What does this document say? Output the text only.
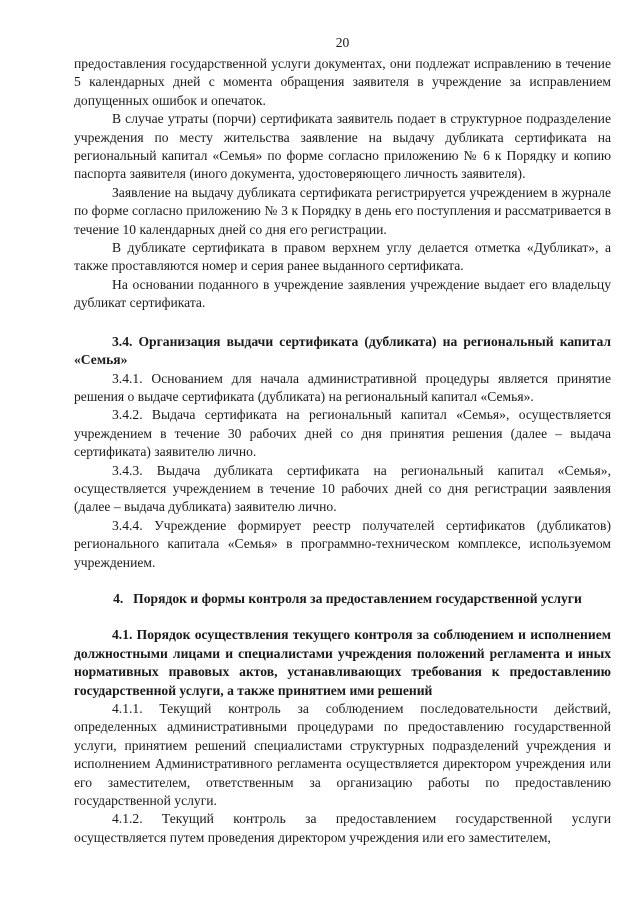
20

предоставления государственной услуги документах, они подлежат исправлению в течение 5 календарных дней с момента обращения заявителя в учреждение за исправлением допущенных ошибок и опечаток.

В случае утраты (порчи) сертификата заявитель подает в структурное подразделение учреждения по месту жительства заявление на выдачу дубликата сертификата на региональный капитал «Семья» по форме согласно приложению № 6 к Порядку и копию паспорта заявителя (иного документа, удостоверяющего личность заявителя).

Заявление на выдачу дубликата сертификата регистрируется учреждением в журнале по форме согласно приложению № 3 к Порядку в день его поступления и рассматривается в течение 10 календарных дней со дня его регистрации.

В дубликате сертификата в правом верхнем углу делается отметка «Дубликат», а также проставляются номер и серия ранее выданного сертификата.

На основании поданного в учреждение заявления учреждение выдает его владельцу дубликат сертификата.

3.4. Организация выдачи сертификата (дубликата) на региональный капитал «Семья»

3.4.1. Основанием для начала административной процедуры является принятие решения о выдаче сертификата (дубликата) на региональный капитал «Семья».

3.4.2. Выдача сертификата на региональный капитал «Семья», осуществляется учреждением в течение 30 рабочих дней со дня принятия решения (далее – выдача сертификата) заявителю лично.

3.4.3. Выдача дубликата сертификата на региональный капитал «Семья», осуществляется учреждением в течение 10 рабочих дней со дня регистрации заявления (далее – выдача дубликата) заявителю лично.

3.4.4. Учреждение формирует реестр получателей сертификатов (дубликатов) регионального капитала «Семья» в программно-техническом комплексе, используемом учреждением.

4. Порядок и формы контроля за предоставлением государственной услуги

4.1. Порядок осуществления текущего контроля за соблюдением и исполнением должностными лицами и специалистами учреждения положений регламента и иных нормативных правовых актов, устанавливающих требования к предоставлению государственной услуги, а также принятием ими решений

4.1.1. Текущий контроль за соблюдением последовательности действий, определенных административными процедурами по предоставлению государственной услуги, принятием решений специалистами структурных подразделений учреждения и исполнением Административного регламента осуществляется директором учреждения или его заместителем, ответственным за организацию работы по предоставлению государственной услуги.

4.1.2. Текущий контроль за предоставлением государственной услуги осуществляется путем проведения директором учреждения или его заместителем,
